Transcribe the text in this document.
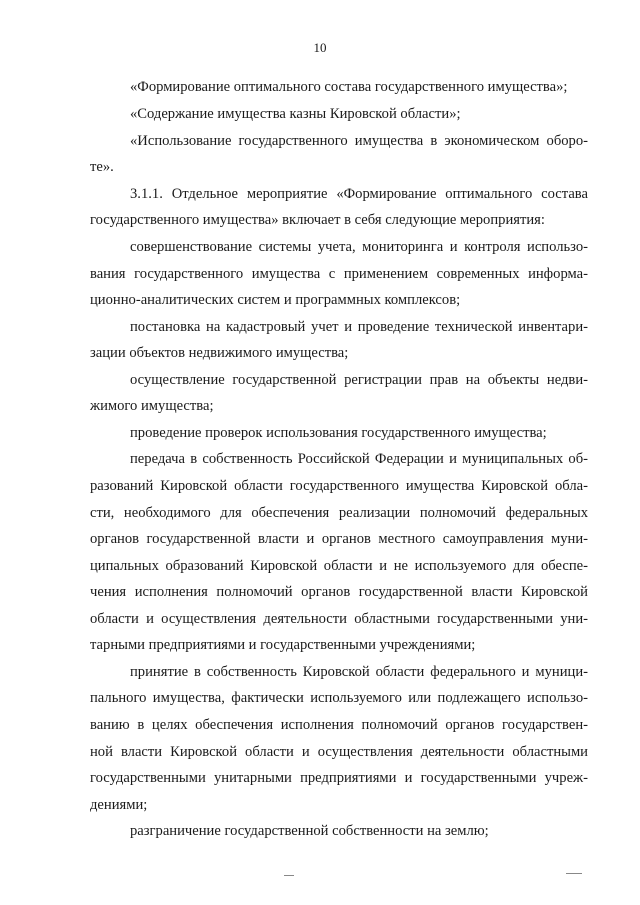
10
«Формирование оптимального состава государственного имущества»;
«Содержание имущества казны Кировской области»;
«Использование государственного имущества в экономическом оборо-
те».
3.1.1. Отдельное мероприятие «Формирование оптимального состава
государственного имущества» включает в себя следующие мероприятия:
совершенствование системы учета, мониторинга и контроля использо-
вания государственного имущества с применением современных информа-
ционно-аналитических систем и программных комплексов;
постановка на кадастровый учет и проведение технической инвентари-
зации объектов недвижимого имущества;
осуществление государственной регистрации прав на объекты недви-
жимого имущества;
проведение проверок использования государственного имущества;
передача в собственность Российской Федерации и муниципальных об-
разований Кировской области государственного имущества Кировской обла-
сти, необходимого для обеспечения реализации полномочий федеральных
органов государственной власти и органов местного самоуправления муни-
ципальных образований Кировской области и не используемого для обеспе-
чения исполнения полномочий органов государственной власти Кировской
области и осуществления деятельности областными государственными уни-
тарными предприятиями и государственными учреждениями;
принятие в собственность Кировской области федерального и муници-
пального имущества, фактически используемого или подлежащего использо-
ванию в целях обеспечения исполнения полномочий органов государствен-
ной власти Кировской области и осуществления деятельности областными
государственными унитарными предприятиями и государственными учреж-
дениями;
разграничение государственной собственности на землю;
